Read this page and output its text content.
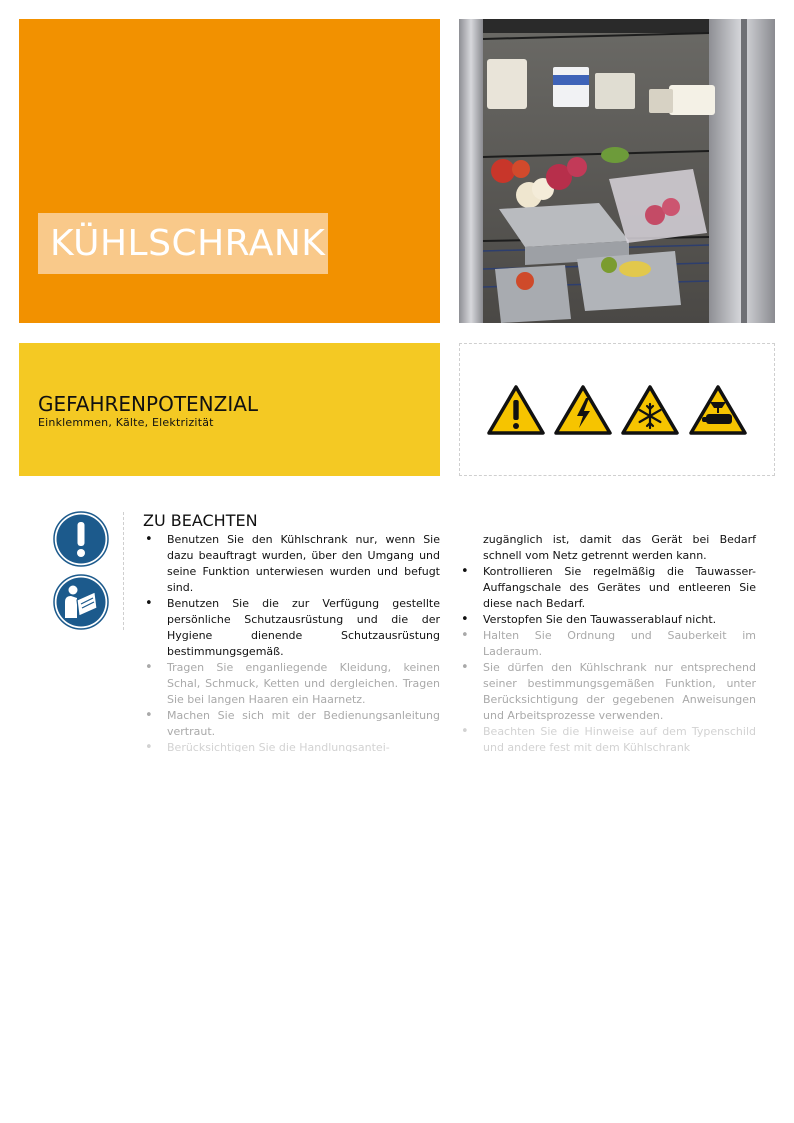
KÜHLSCHRANK
GEFAHRENPOTENZIAL
Einklemmen, Kälte, Elektrizität
ZU BEACHTEN
• Benutzen Sie den Kühlschrank nur, wenn Sie dazu beauftragt wurden, über den Umgang und seine Funktion unterwiesen wurden und befugt sind.
• Benutzen Sie die zur Verfügung gestellte persönliche Schutzausrüstung und die der Hygiene dienende Schutzausrüstung bestimmungsgemäß.
• Tragen Sie enganliegende Kleidung, keinen Schal, Schmuck, Ketten und dergleichen. Tragen Sie bei langen Haaren ein Haarnetz.
• Machen Sie sich mit der Bedienungsanleitung vertraut.
• Berücksichtigen Sie die Handlungsantei-
zugänglich ist, damit das Gerät bei Bedarf schnell vom Netz getrennt werden kann.
• Kontrollieren Sie regelmäßig die Tauwasser-Auffangschale des Gerätes und entleeren Sie diese nach Bedarf.
• Verstopfen Sie den Tauwasserablauf nicht.
• Halten Sie Ordnung und Sauberkeit im Laderaum.
• Sie dürfen den Kühlschrank nur entsprechend seiner bestimmungsgemäßen Funktion, unter Berücksichtigung der gegebenen Anweisungen und Arbeitsprozesse verwenden.
• Beachten Sie die Hinweise auf dem Typenschild und andere fest mit dem Kühlschrank
